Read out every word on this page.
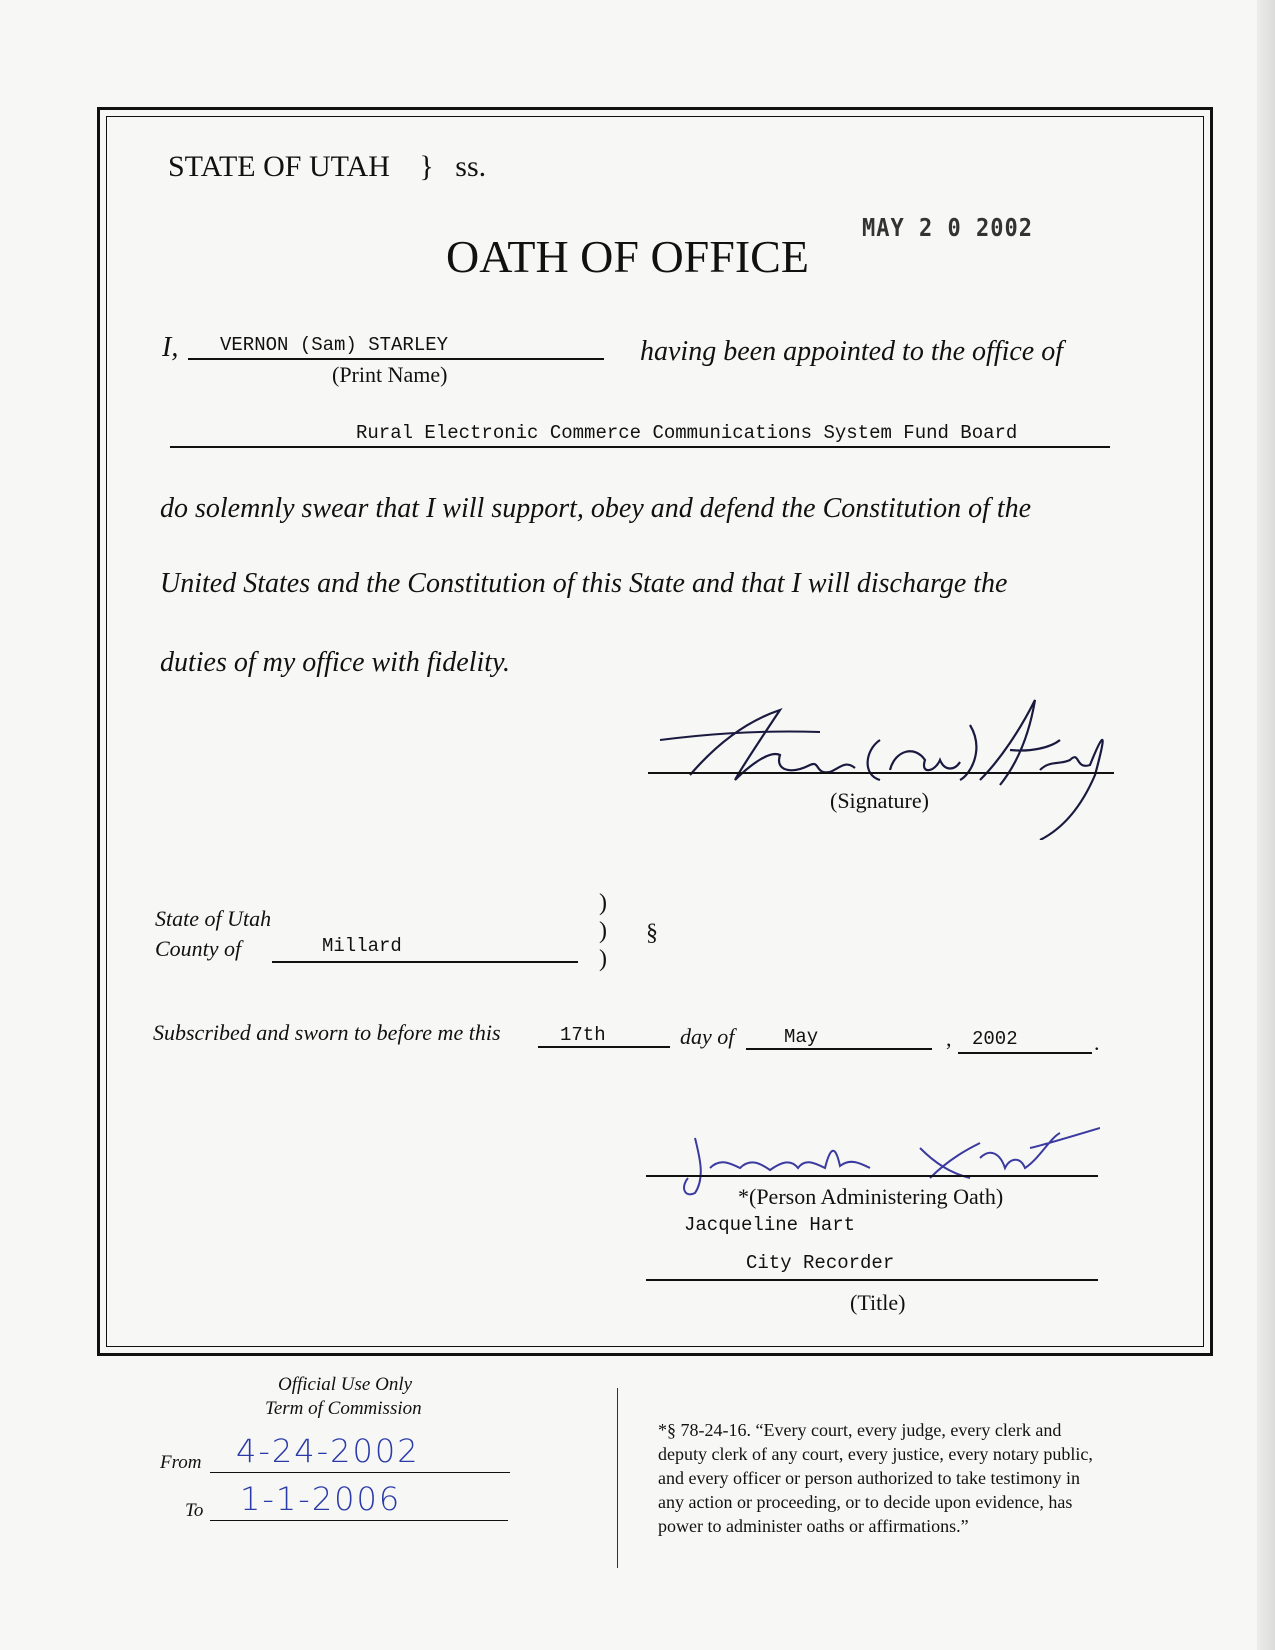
STATE OF UTAH } ss.
MAY 2 0 2002
OATH OF OFFICE
I, VERNON (Sam) STARLEY
(Print Name)
having been appointed to the office of
Rural Electronic Commerce Communications System Fund Board
do solemnly swear that I will support, obey and defend the Constitution of the
United States and the Constitution of this State and that I will discharge the
duties of my office with fidelity.
(Signature)
State of Utah
County of	Millard
)
)
)
§
Subscribed and sworn to before me this	17th	day of	May	, 2002	.
*(Person Administering Oath)
Jacqueline Hart
City Recorder
(Title)
Official Use Only
Term of Commission
From 4-24-2002
To 1-1-2006
*§ 78-24-16. “Every court, every judge, every clerk and
deputy clerk of any court, every justice, every notary public,
and every officer or person authorized to take testimony in
any action or proceeding, or to decide upon evidence, has
power to administer oaths or affirmations.”
